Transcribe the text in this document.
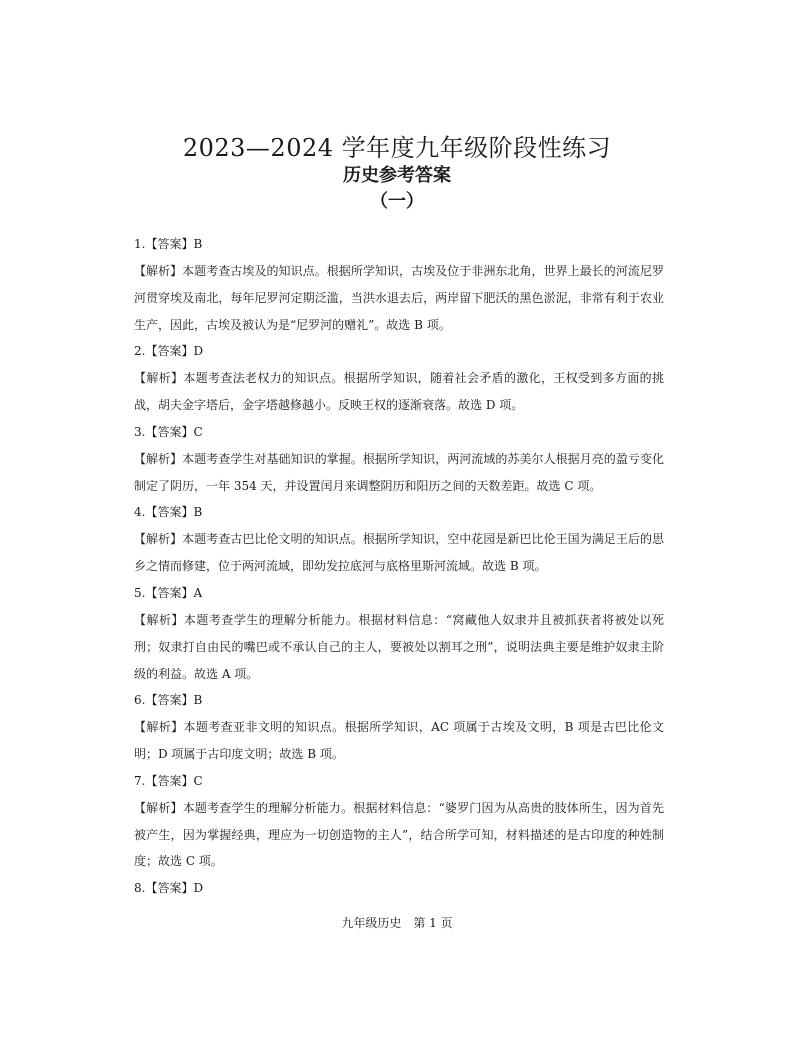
2023—2024 学年度九年级阶段性练习
历史参考答案
（一）

1.【答案】B

【解析】本题考查古埃及的知识点。根据所学知识，古埃及位于非洲东北角，世界上最长的河流尼罗河贯穿埃及南北，每年尼罗河定期泛滥，当洪水退去后，两岸留下肥沃的黑色淤泥，非常有利于农业生产，因此，古埃及被认为是“尼罗河的赠礼”。故选 B 项。

2.【答案】D

【解析】本题考查法老权力的知识点。根据所学知识，随着社会矛盾的激化，王权受到多方面的挑战，胡夫金字塔后，金字塔越修越小。反映王权的逐渐衰落。故选 D 项。

3.【答案】C

【解析】本题考查学生对基础知识的掌握。根据所学知识，两河流域的苏美尔人根据月亮的盈亏变化制定了阴历，一年 354 天，并设置闰月来调整阴历和阳历之间的天数差距。故选 C 项。

4.【答案】B

【解析】本题考查古巴比伦文明的知识点。根据所学知识，空中花园是新巴比伦王国为满足王后的思乡之情而修建，位于两河流域，即幼发拉底河与底格里斯河流域。故选 B 项。

5.【答案】A

【解析】本题考查学生的理解分析能力。根据材料信息：“窝藏他人奴隶并且被抓获者将被处以死刑；奴隶打自由民的嘴巴或不承认自己的主人，要被处以割耳之刑”，说明法典主要是维护奴隶主阶级的利益。故选 A 项。

6.【答案】B

【解析】本题考查亚非文明的知识点。根据所学知识，AC 项属于古埃及文明，B 项是古巴比伦文明；D 项属于古印度文明；故选 B 项。

7.【答案】C

【解析】本题考查学生的理解分析能力。根据材料信息：“婆罗门因为从高贵的肢体所生，因为首先被产生，因为掌握经典，理应为一切创造物的主人”，结合所学可知，材料描述的是古印度的种姓制度；故选 C 项。

8.【答案】D

九年级历史　第 1 页
